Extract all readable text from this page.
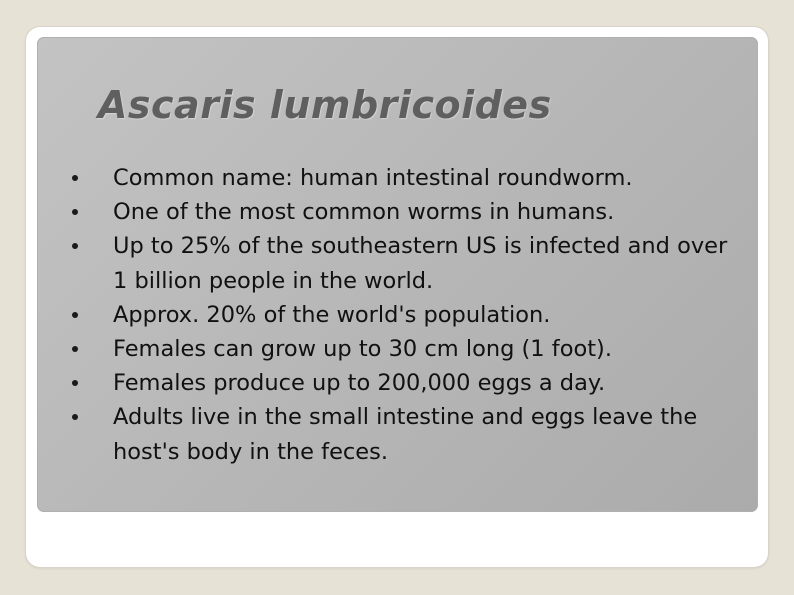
Ascaris lumbricoides
Common name: human intestinal roundworm.
One of the most common worms in humans.
Up to 25% of the southeastern US is infected and over 1 billion people in the world.
Approx. 20% of the world's population.
Females can grow up to 30 cm long (1 foot).
Females produce up to 200,000 eggs a day.
Adults live in the small intestine and eggs leave the host's body in the feces.
